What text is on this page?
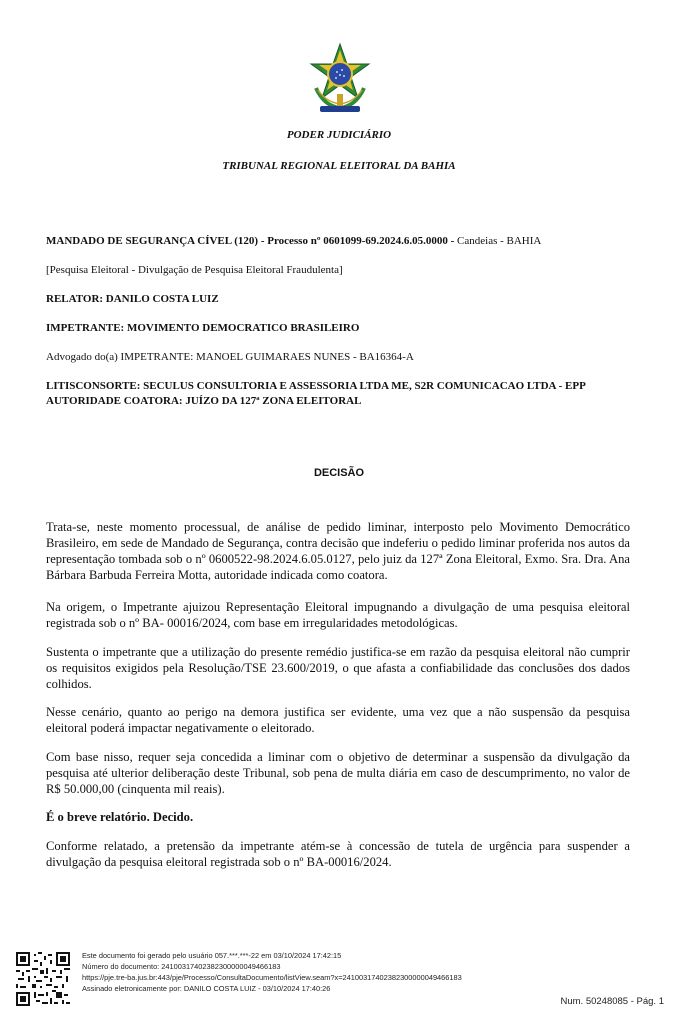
PODER JUDICIÁRIO
TRIBUNAL REGIONAL ELEITORAL DA BAHIA
MANDADO DE SEGURANÇA CÍVEL (120) - Processo nº 0601099-69.2024.6.05.0000 - Candeias - BAHIA
[Pesquisa Eleitoral - Divulgação de Pesquisa Eleitoral Fraudulenta]
RELATOR: DANILO COSTA LUIZ
IMPETRANTE: MOVIMENTO DEMOCRATICO BRASILEIRO
Advogado do(a) IMPETRANTE: MANOEL GUIMARAES NUNES - BA16364-A
LITISCONSORTE: SECULUS CONSULTORIA E ASSESSORIA LTDA ME, S2R COMUNICACAO LTDA - EPP
AUTORIDADE COATORA: JUÍZO DA 127ª ZONA ELEITORAL
DECISÃO
Trata-se, neste momento processual, de análise de pedido liminar, interposto pelo Movimento Democrático Brasileiro, em sede de Mandado de Segurança, contra decisão que indeferiu o pedido liminar proferida nos autos da representação tombada sob o nº 0600522-98.2024.6.05.0127, pelo juiz da 127ª Zona Eleitoral, Exmo. Sra. Dra. Ana Bárbara Barbuda Ferreira Motta, autoridade indicada como coatora.
Na origem, o Impetrante ajuizou Representação Eleitoral impugnando a divulgação de uma pesquisa eleitoral registrada sob o nº BA- 00016/2024, com base em irregularidades metodológicas.
Sustenta o impetrante que a utilização do presente remédio justifica-se em razão da pesquisa eleitoral não cumprir os requisitos exigidos pela Resolução/TSE 23.600/2019, o que afasta a confiabilidade das conclusões dos dados colhidos.
Nesse cenário, quanto ao perigo na demora justifica ser evidente, uma vez que a não suspensão da pesquisa eleitoral poderá impactar negativamente o eleitorado.
Com base nisso, requer seja concedida a liminar com o objetivo de determinar a suspensão da divulgação da pesquisa até ulterior deliberação deste Tribunal, sob pena de multa diária em caso de descumprimento, no valor de R$ 50.000,00 (cinquenta mil reais).
É o breve relatório. Decido.
Conforme relatado, a pretensão da impetrante atém-se à concessão de tutela de urgência para suspender a divulgação da pesquisa eleitoral registrada sob o nº BA-00016/2024.
Este documento foi gerado pelo usuário 057.***.***-22 em 03/10/2024 17:42:15
Número do documento: 24100317402382300000049466183
https://pje.tre-ba.jus.br:443/pje/Processo/ConsultaDocumento/listView.seam?x=24100317402382300000049466183
Assinado eletronicamente por: DANILO COSTA LUIZ - 03/10/2024 17:40:26
Num. 50248085 - Pág. 1
